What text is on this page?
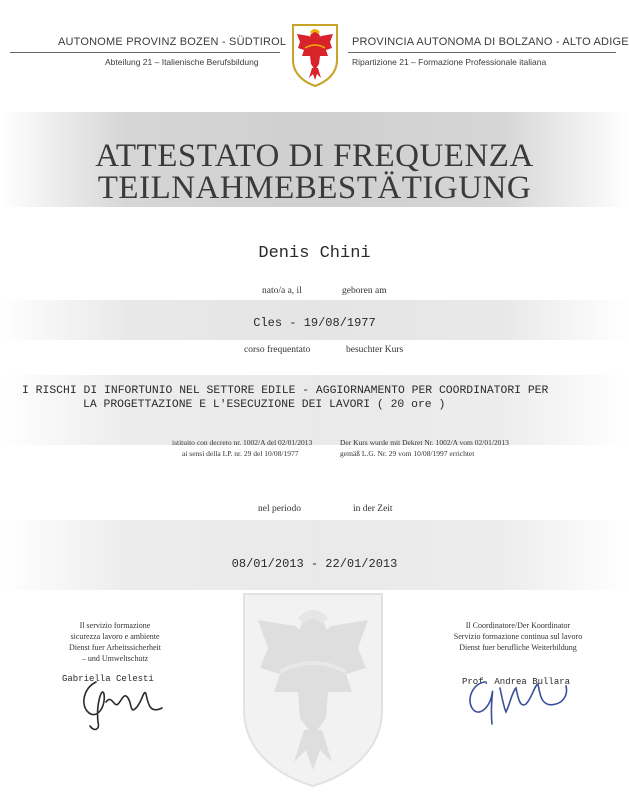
AUTONOME PROVINZ BOZEN - SÜDTIROL
Abteilung 21 – Italienische Berufsbildung
PROVINCIA AUTONOMA DI BOLZANO - ALTO ADIGE
Ripartizione 21 – Formazione Professionale italiana
ATTESTATO DI FREQUENZA
TEILNAHMEBESTÄTIGUNG
Denis Chini
nato/a a, il	geboren am
Cles - 19/08/1977
corso frequentato	besuchter Kurs
I RISCHI DI INFORTUNIO NEL SETTORE EDILE - AGGIORNAMENTO PER COORDINATORI PER
LA PROGETTAZIONE E L'ESECUZIONE DEI LAVORI ( 20 ore )
istituito con decreto nr. 1002/A del 02/01/2013
ai sensi della LP. nr. 29 del 10/08/1977
Der Kurs wurde mit Dekret Nr. 1002/A vom 02/01/2013
gemäß L.G. Nr. 29 vom 10/08/1997 errichtet
nel periodo	in der Zeit
08/01/2013 - 22/01/2013
Il servizio formazione
sicurezza lavoro e ambiente
Dienst fuer Arbeitssicherheit
– und Umweltschutz
Gabriella Celesti
Il Coordinatore/Der Koordinator
Servizio formazione continua sul lavoro
Dienst fuer berufliche Weiterbildung
Prof. Andrea Bullara
